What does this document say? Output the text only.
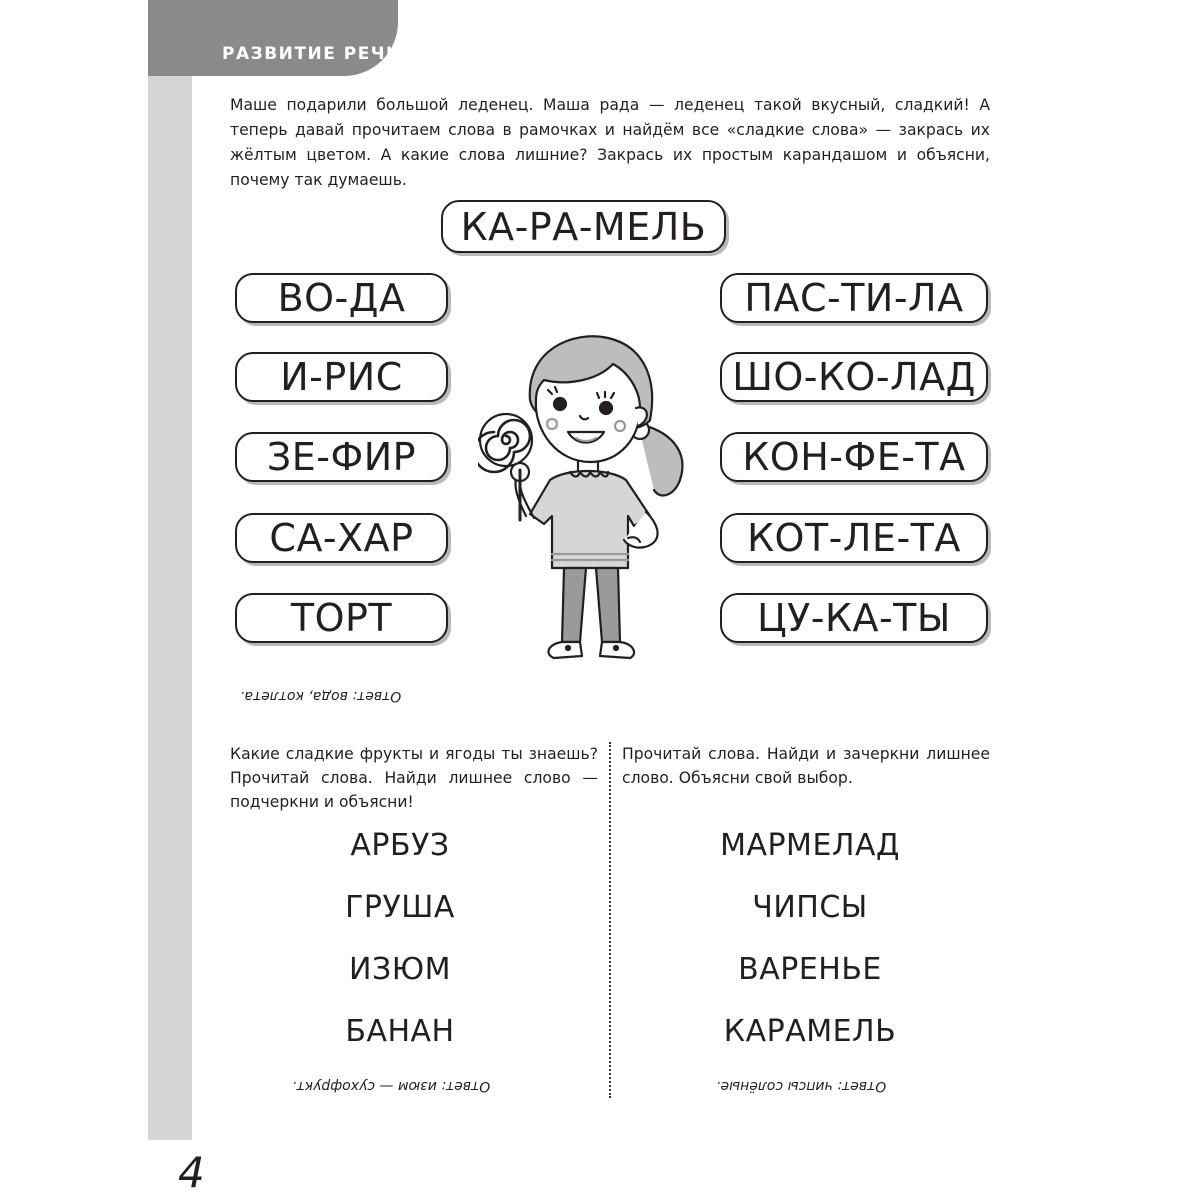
РАЗВИТИЕ РЕЧИ

Маше подарили большой леденец. Маша рада — леденец такой вкусный, сладкий! А теперь давай прочитаем слова в рамочках и найдём все «сладкие слова» — закрась их жёлтым цветом. А какие слова лишние? Закрась их простым карандашом и объясни, почему так думаешь.

КА-РА-МЕЛЬ
ВО-ДА
И-РИС
ЗЕ-ФИР
СА-ХАР
ТОРТ
ПАС-ТИ-ЛА
ШО-КО-ЛАД
КОН-ФЕ-ТА
КОТ-ЛЕ-ТА
ЦУ-КА-ТЫ
Ответ: вода, котлета.

Какие сладкие фрукты и ягоды ты знаешь? Прочитай слова. Найди лишнее слово — подчеркни и объясни!

Прочитай слова. Найди и зачеркни лишнее слово. Объясни свой выбор.

АРБУЗ
ГРУША
ИЗЮМ
БАНАН
МАРМЕЛАД
ЧИПСЫ
ВАРЕНЬЕ
КАРАМЕЛЬ
Ответ: изюм — сухофрукт.	Ответ: чипсы солёные.
4
